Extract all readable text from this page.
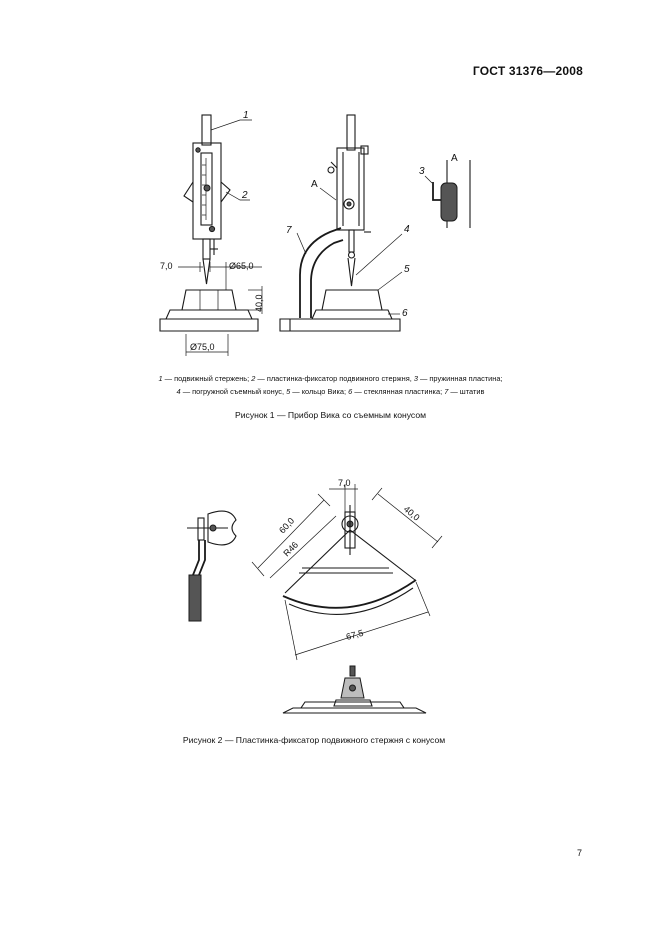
ГОСТ 31376—2008
1
2
7,0	Ø65,0
40,0
Ø75,0
А
7	4
5
6
3
А
7,0
60,0
R46
40,0
67,5
1 — подвижный стержень; 2 — пластинка-фиксатор подвижного стержня, 3 — пружинная пластина;
4 — погружной съемный конус, 5 — кольцо Вика; 6 — стеклянная пластинка; 7 — штатив
Рисунок 1 — Прибор Вика со съемным конусом
Рисунок 2 — Пластинка-фиксатор подвижного стержня с конусом
7
